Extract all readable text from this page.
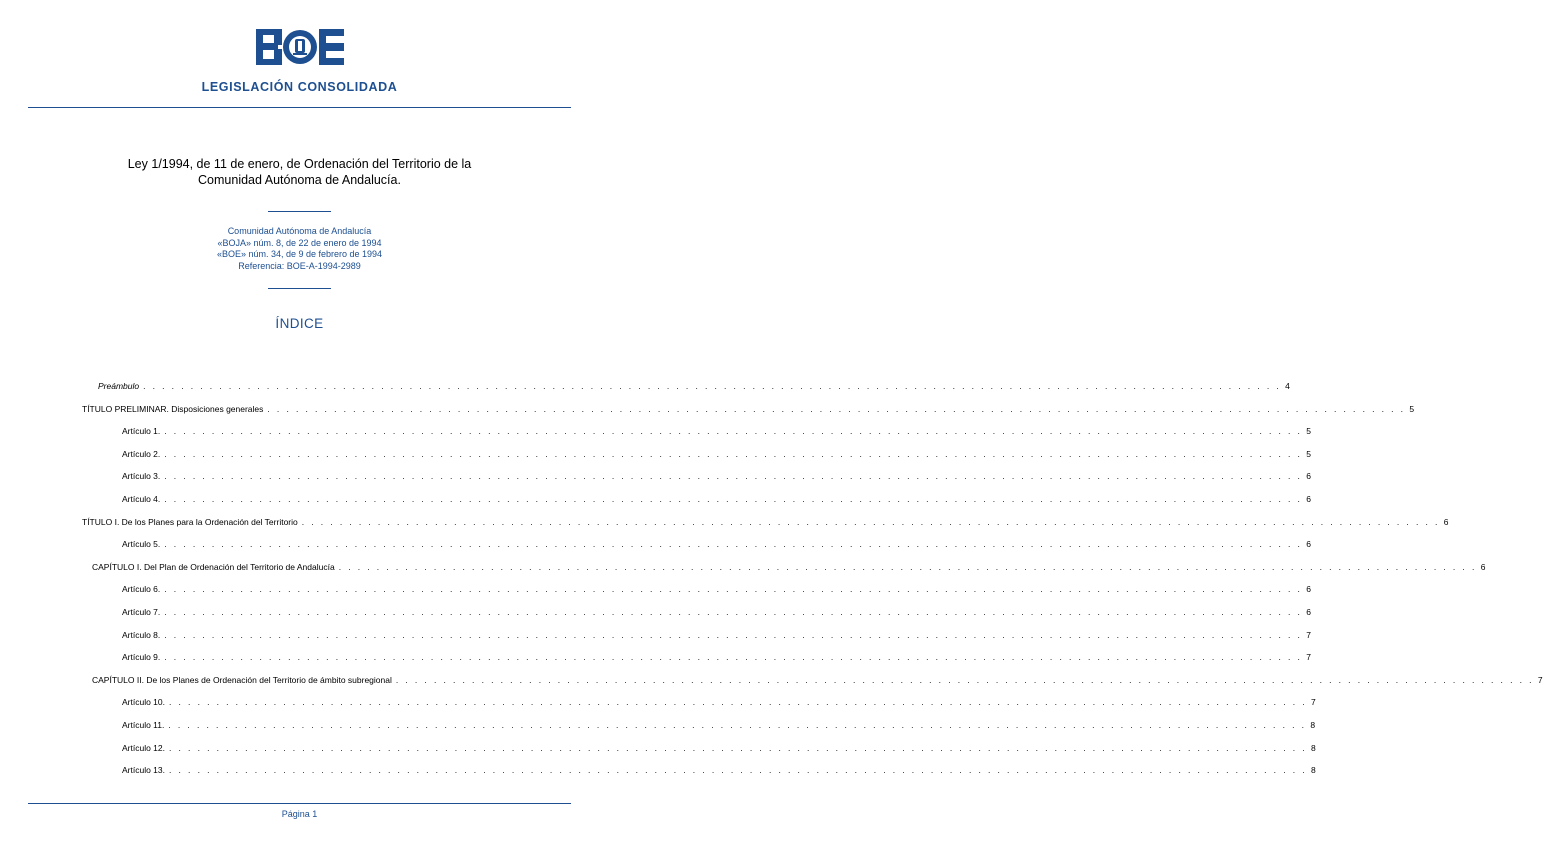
LEGISLACIÓN CONSOLIDADA
Ley 1/1994, de 11 de enero, de Ordenación del Territorio de la
Comunidad Autónoma de Andalucía.
Comunidad Autónoma de Andalucía
«BOJA» núm. 8, de 22 de enero de 1994
«BOE» núm. 34, de 9 de febrero de 1994
Referencia: BOE-A-1994-2989
ÍNDICE
Preámbulo . . . . . . . . . . . . . . . . . . . . . . . . . . . . . . . . . . . . . . . . . . . . . . . . . . . . . . . . . . . . . . . . . . . . . . . . . . . . . . . . . . . . . . . . . . . . . . . . . . . . . . . . . . . . . . . . . . . . . . . . 4
TÍTULO PRELIMINAR. Disposiciones generales . . . . . . . . . . . . . . . . . . . . . . . . . . . . . . . . . . . . . . . . . . . . . . . . . . . . . . . . . . . . . . . . . . . . . . . . . . . . . . . . . . . . . . . . . . . . . . . . . . . . . . . . . . . . . . . . . . . . . . . . 5
Artículo 1. . . . . . . . . . . . . . . . . . . . . . . . . . . . . . . . . . . . . . . . . . . . . . . . . . . . . . . . . . . . . . . . . . . . . . . . . . . . . . . . . . . . . . . . . . . . . . . . . . . . . . . . . . . . . . . . . . . . . . . . . 5
Artículo 2. . . . . . . . . . . . . . . . . . . . . . . . . . . . . . . . . . . . . . . . . . . . . . . . . . . . . . . . . . . . . . . . . . . . . . . . . . . . . . . . . . . . . . . . . . . . . . . . . . . . . . . . . . . . . . . . . . . . . . . . . 5
Artículo 3. . . . . . . . . . . . . . . . . . . . . . . . . . . . . . . . . . . . . . . . . . . . . . . . . . . . . . . . . . . . . . . . . . . . . . . . . . . . . . . . . . . . . . . . . . . . . . . . . . . . . . . . . . . . . . . . . . . . . . . . . 6
Artículo 4. . . . . . . . . . . . . . . . . . . . . . . . . . . . . . . . . . . . . . . . . . . . . . . . . . . . . . . . . . . . . . . . . . . . . . . . . . . . . . . . . . . . . . . . . . . . . . . . . . . . . . . . . . . . . . . . . . . . . . . . . 6
TÍTULO I. De los Planes para la Ordenación del Territorio . . . . . . . . . . . . . . . . . . . . . . . . . . . . . . . . . . . . . . . . . . . . . . . . . . . . . . . . . . . . . . . . . . . . . . . . . . . . . . . . . . . . . . . . . . . . . . . . . . . . . . . . . . . . . . . . . . . . . . . . 6
Artículo 5. . . . . . . . . . . . . . . . . . . . . . . . . . . . . . . . . . . . . . . . . . . . . . . . . . . . . . . . . . . . . . . . . . . . . . . . . . . . . . . . . . . . . . . . . . . . . . . . . . . . . . . . . . . . . . . . . . . . . . . . . 6
CAPÍTULO I. Del Plan de Ordenación del Territorio de Andalucía . . . . . . . . . . . . . . . . . . . . . . . . . . . . . . . . . . . . . . . . . . . . . . . . . . . . . . . . . . . . . . . . . . . . . . . . . . . . . . . . . . . . . . . . . . . . . . . . . . . . . . . . . . . . . . . . . . . . . . . . 6
Artículo 6. . . . . . . . . . . . . . . . . . . . . . . . . . . . . . . . . . . . . . . . . . . . . . . . . . . . . . . . . . . . . . . . . . . . . . . . . . . . . . . . . . . . . . . . . . . . . . . . . . . . . . . . . . . . . . . . . . . . . . . . . 6
Artículo 7. . . . . . . . . . . . . . . . . . . . . . . . . . . . . . . . . . . . . . . . . . . . . . . . . . . . . . . . . . . . . . . . . . . . . . . . . . . . . . . . . . . . . . . . . . . . . . . . . . . . . . . . . . . . . . . . . . . . . . . . . 6
Artículo 8. . . . . . . . . . . . . . . . . . . . . . . . . . . . . . . . . . . . . . . . . . . . . . . . . . . . . . . . . . . . . . . . . . . . . . . . . . . . . . . . . . . . . . . . . . . . . . . . . . . . . . . . . . . . . . . . . . . . . . . . . 7
Artículo 9. . . . . . . . . . . . . . . . . . . . . . . . . . . . . . . . . . . . . . . . . . . . . . . . . . . . . . . . . . . . . . . . . . . . . . . . . . . . . . . . . . . . . . . . . . . . . . . . . . . . . . . . . . . . . . . . . . . . . . . . . 7
CAPÍTULO II. De los Planes de Ordenación del Territorio de ámbito subregional . . . . . . . . . . . . . . . . . . . . . . . . . . . . . . . . . . . . . . . . . . . . . . . . . . . . . . . . . . . . . . . . . . . . . . . . . . . . . . . . . . . . . . . . . . . . . . . . . . . . . . . . . . . . . . . . . . . . . . . . 7
Artículo 10. . . . . . . . . . . . . . . . . . . . . . . . . . . . . . . . . . . . . . . . . . . . . . . . . . . . . . . . . . . . . . . . . . . . . . . . . . . . . . . . . . . . . . . . . . . . . . . . . . . . . . . . . . . . . . . . . . . . . . . . . 7
Artículo 11. . . . . . . . . . . . . . . . . . . . . . . . . . . . . . . . . . . . . . . . . . . . . . . . . . . . . . . . . . . . . . . . . . . . . . . . . . . . . . . . . . . . . . . . . . . . . . . . . . . . . . . . . . . . . . . . . . . . . . . . . 8
Artículo 12. . . . . . . . . . . . . . . . . . . . . . . . . . . . . . . . . . . . . . . . . . . . . . . . . . . . . . . . . . . . . . . . . . . . . . . . . . . . . . . . . . . . . . . . . . . . . . . . . . . . . . . . . . . . . . . . . . . . . . . . . 8
Artículo 13. . . . . . . . . . . . . . . . . . . . . . . . . . . . . . . . . . . . . . . . . . . . . . . . . . . . . . . . . . . . . . . . . . . . . . . . . . . . . . . . . . . . . . . . . . . . . . . . . . . . . . . . . . . . . . . . . . . . . . . . . 8
Página 1
